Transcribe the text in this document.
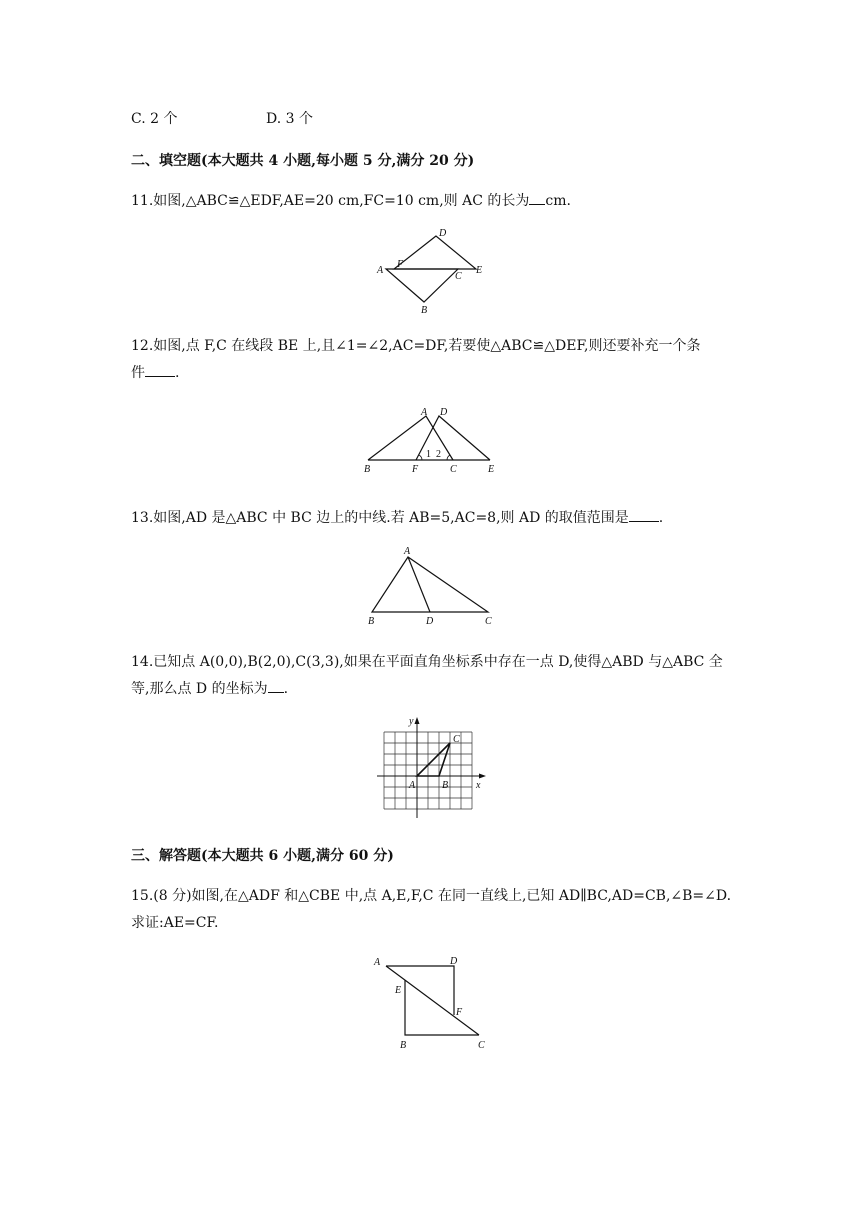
C. 2 个	D. 3 个
二、填空题(本大题共 4 小题,每小题 5 分,满分 20 分)
11.如图,△ABC≌△EDF,AE=20 cm,FC=10 cm,则 AC 的长为 cm.
D
A
F
C
E
B
12.如图,点 F,C 在线段 BE 上,且∠1=∠2,AC=DF,若要使△ABC≌△DEF,则还要补充一个条
件 .
A D
1 2
B	F	C	E
13.如图,AD 是△ABC 中 BC 边上的中线.若 AB=5,AC=8,则 AD 的取值范围是 .
A
B	D	C
14.已知点 A(0,0),B(2,0),C(3,3),如果在平面直角坐标系中存在一点 D,使得△ABD 与△ABC 全
等,那么点 D 的坐标为 .
y
x
C
A	B
三、解答题(本大题共 6 小题,满分 60 分)
15.(8 分)如图,在△ADF 和△CBE 中,点 A,E,F,C 在同一直线上,已知 AD∥BC,AD=CB,∠B=∠D.
求证:AE=CF.
A	D
E
F
B	C
